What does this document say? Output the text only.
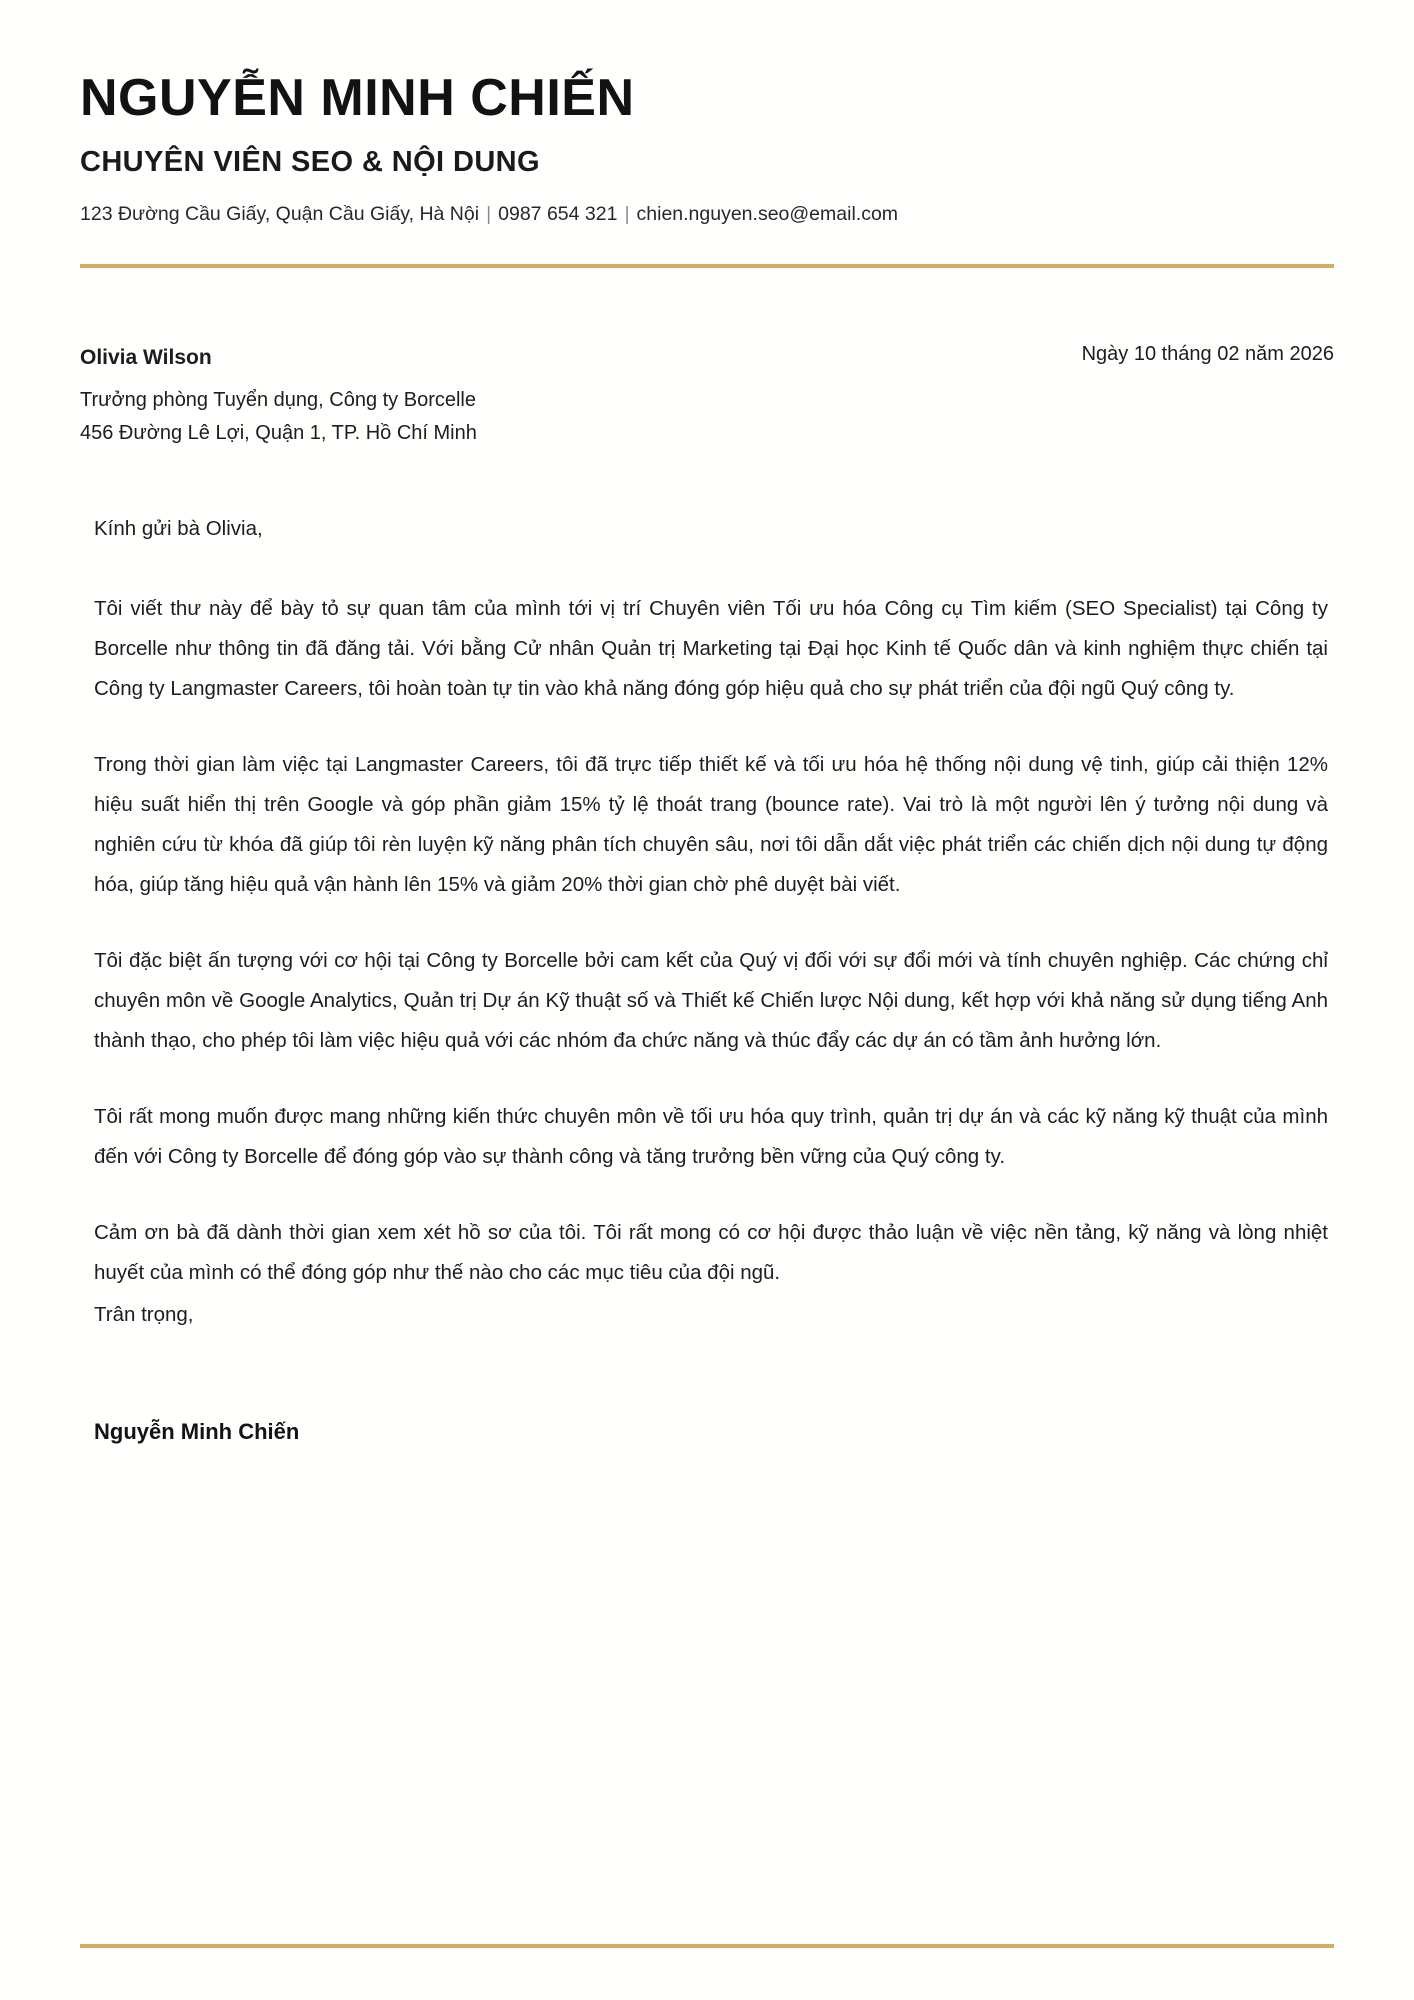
NGUYỄN MINH CHIẾN
CHUYÊN VIÊN SEO & NỘI DUNG
123 Đường Cầu Giấy, Quận Cầu Giấy, Hà Nội | 0987 654 321 | chien.nguyen.seo@email.com
Olivia Wilson
Trưởng phòng Tuyển dụng, Công ty Borcelle
456 Đường Lê Lợi, Quận 1, TP. Hồ Chí Minh
Ngày 10 tháng 02 năm 2026
Kính gửi bà Olivia,

Tôi viết thư này để bày tỏ sự quan tâm của mình tới vị trí Chuyên viên Tối ưu hóa Công cụ Tìm kiếm (SEO Specialist) tại Công ty Borcelle như thông tin đã đăng tải. Với bằng Cử nhân Quản trị Marketing tại Đại học Kinh tế Quốc dân và kinh nghiệm thực chiến tại Công ty Langmaster Careers, tôi hoàn toàn tự tin vào khả năng đóng góp hiệu quả cho sự phát triển của đội ngũ Quý công ty.

Trong thời gian làm việc tại Langmaster Careers, tôi đã trực tiếp thiết kế và tối ưu hóa hệ thống nội dung vệ tinh, giúp cải thiện 12% hiệu suất hiển thị trên Google và góp phần giảm 15% tỷ lệ thoát trang (bounce rate). Vai trò là một người lên ý tưởng nội dung và nghiên cứu từ khóa đã giúp tôi rèn luyện kỹ năng phân tích chuyên sâu, nơi tôi dẫn dắt việc phát triển các chiến dịch nội dung tự động hóa, giúp tăng hiệu quả vận hành lên 15% và giảm 20% thời gian chờ phê duyệt bài viết.

Tôi đặc biệt ấn tượng với cơ hội tại Công ty Borcelle bởi cam kết của Quý vị đối với sự đổi mới và tính chuyên nghiệp. Các chứng chỉ chuyên môn về Google Analytics, Quản trị Dự án Kỹ thuật số và Thiết kế Chiến lược Nội dung, kết hợp với khả năng sử dụng tiếng Anh thành thạo, cho phép tôi làm việc hiệu quả với các nhóm đa chức năng và thúc đẩy các dự án có tầm ảnh hưởng lớn.

Tôi rất mong muốn được mang những kiến thức chuyên môn về tối ưu hóa quy trình, quản trị dự án và các kỹ năng kỹ thuật của mình đến với Công ty Borcelle để đóng góp vào sự thành công và tăng trưởng bền vững của Quý công ty.

Cảm ơn bà đã dành thời gian xem xét hồ sơ của tôi. Tôi rất mong có cơ hội được thảo luận về việc nền tảng, kỹ năng và lòng nhiệt huyết của mình có thể đóng góp như thế nào cho các mục tiêu của đội ngũ.

Trân trọng,
Nguyễn Minh Chiến
